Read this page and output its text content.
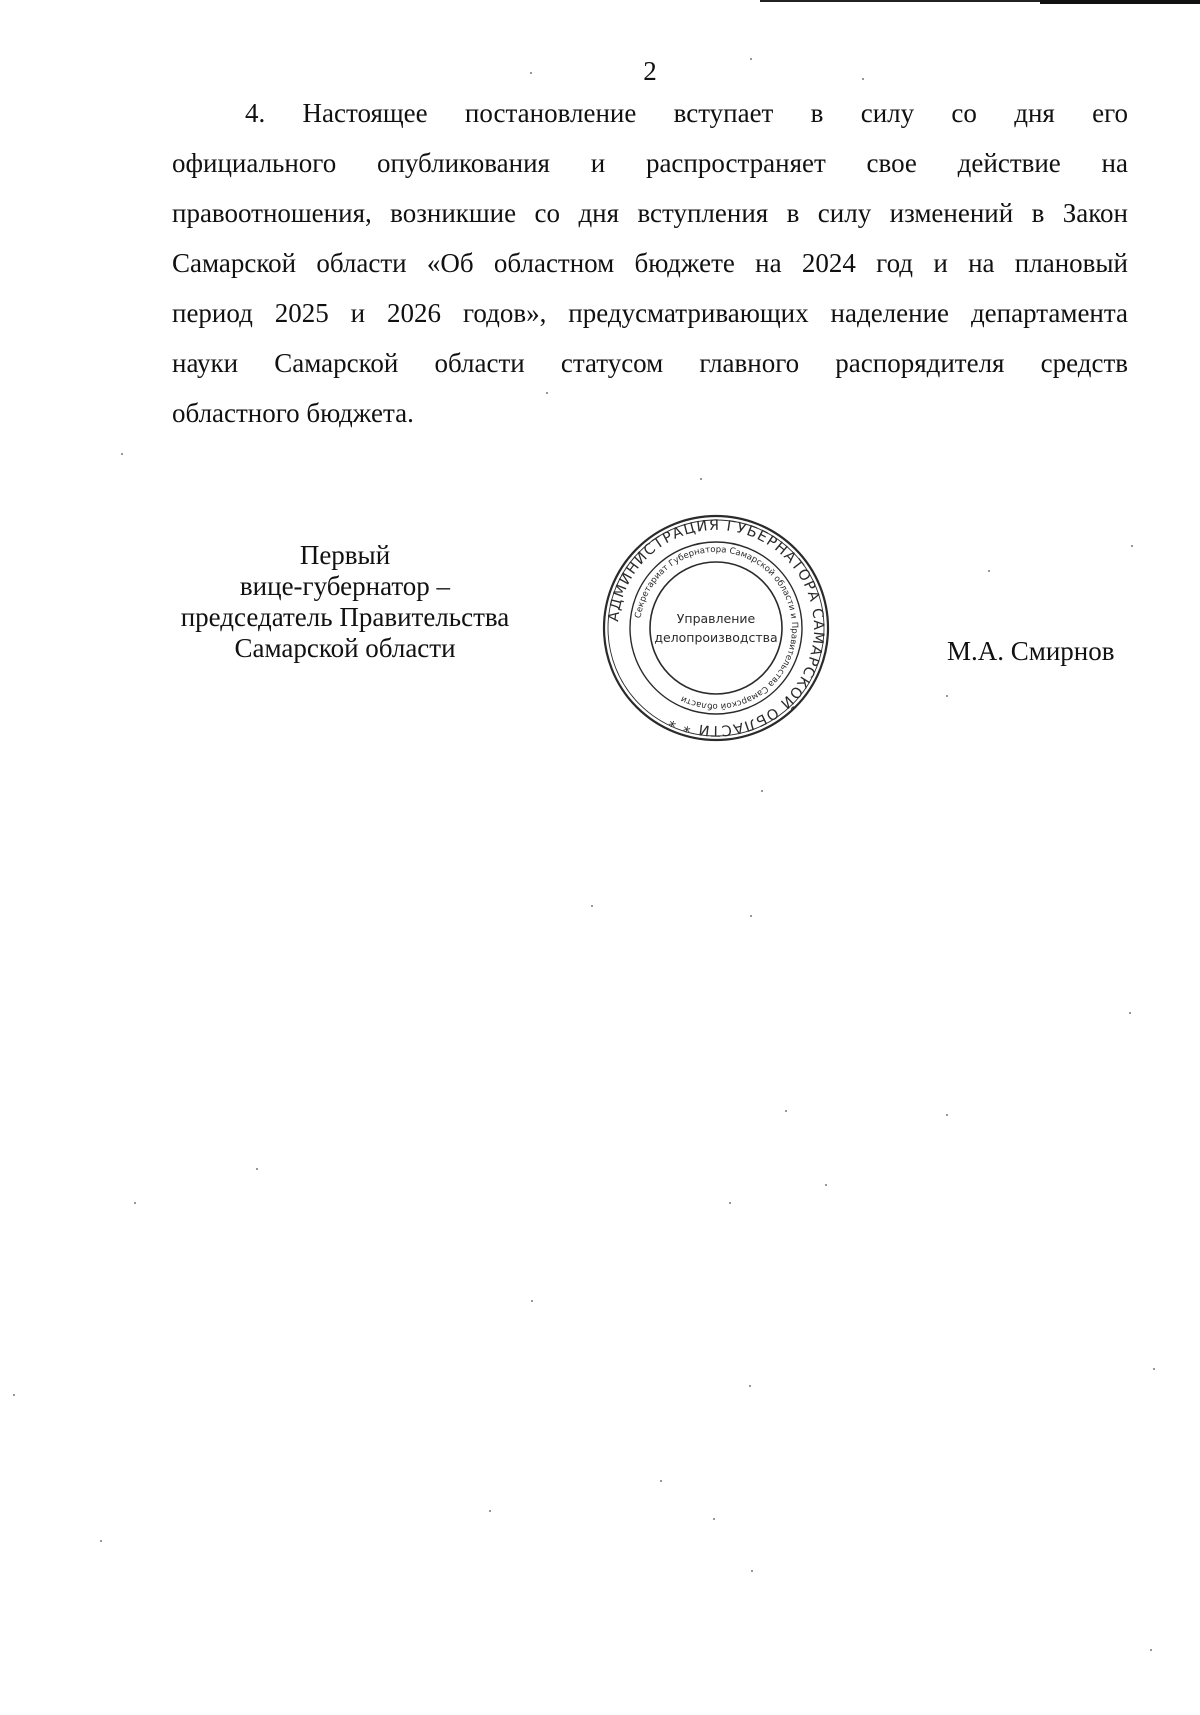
2

4. Настоящее постановление вступает в силу со дня его
официального опубликования и распространяет свое действие на
правоотношения, возникшие со дня вступления в силу изменений в Закон
Самарской области «Об областном бюджете на 2024 год и на плановый
период 2025 и 2026 годов», предусматривающих наделение департамента
науки Самарской области статусом главного распорядителя средств
областного бюджета.

Первый
вице-губернатор –
председатель Правительства
Самарской области
АДМИНИСТРАЦИЯ ГУБЕРНАТОРА САМАРСКОЙ ОБЛАСТИ * *
Секретариат Губернатора Самарской области и Правительства Самарской области
Управление
делопроизводства	М.А. Смирнов
